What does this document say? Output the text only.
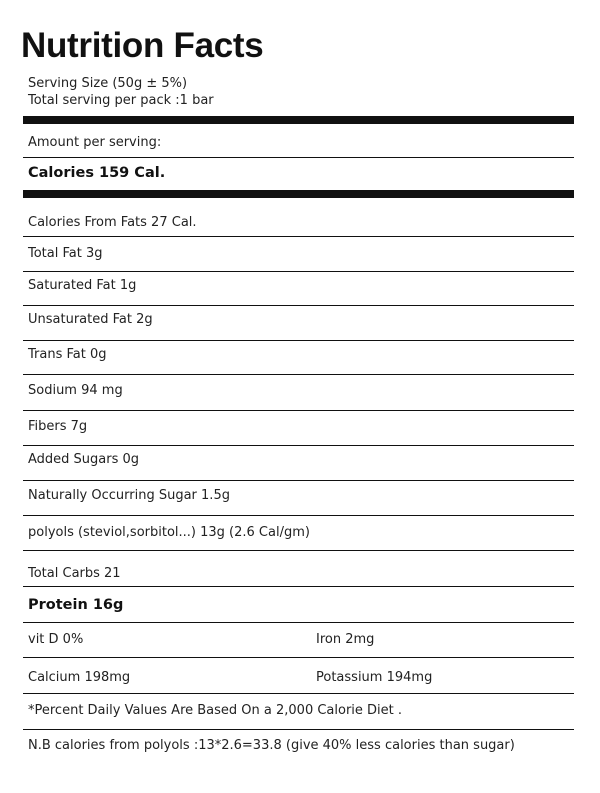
Nutrition Facts
Serving Size (50g ± 5%)
Total serving per pack :1 bar
Amount per serving:
Calories 159 Cal.
Calories From Fats 27 Cal.
Total Fat 3g
Saturated Fat 1g
Unsaturated Fat 2g
Trans Fat 0g
Sodium 94 mg
Fibers 7g
Added Sugars 0g
Naturally Occurring Sugar 1.5g
polyols (steviol,sorbitol...) 13g (2.6 Cal/gm)
Total Carbs 21
Protein 16g
vit D 0%	Iron 2mg
Calcium 198mg	Potassium 194mg
*Percent Daily Values Are Based On a 2,000 Calorie Diet .
N.B calories from polyols :13*2.6=33.8 (give 40% less calories than sugar)
